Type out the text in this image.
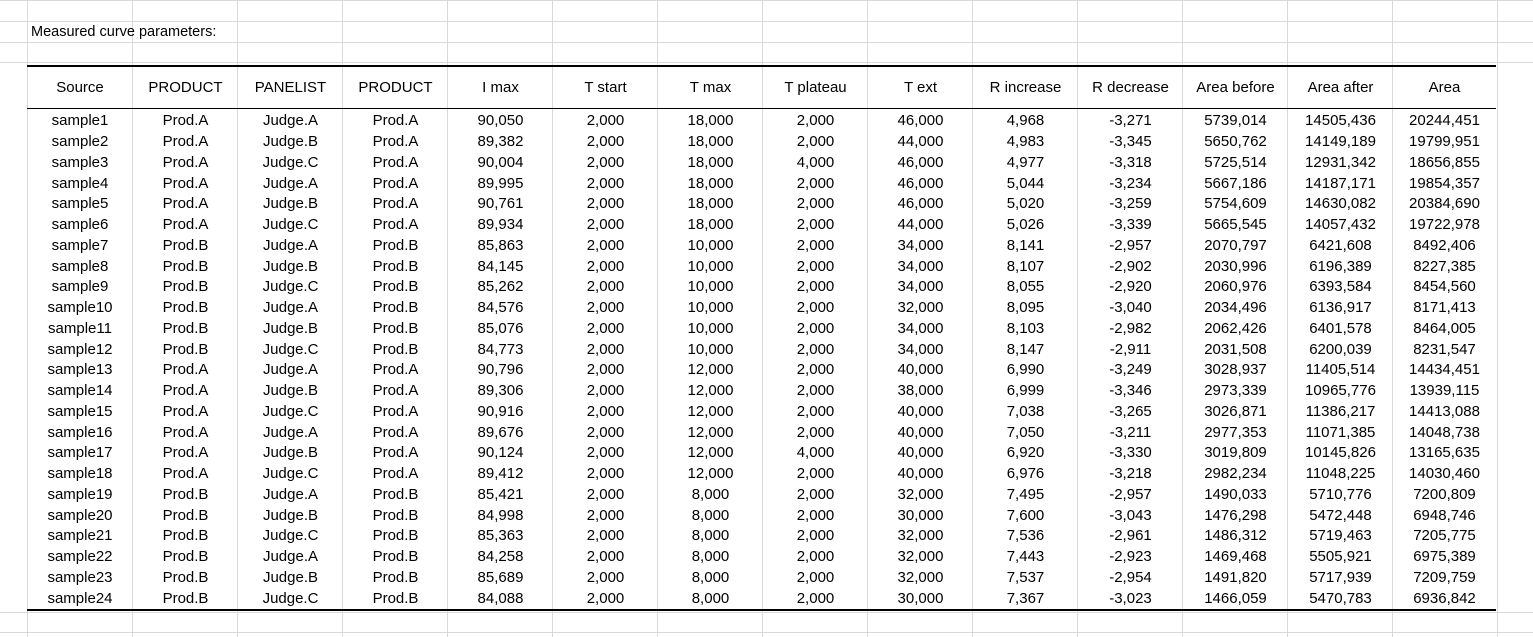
Measured curve parameters:
Source	PRODUCT	PANELIST	PRODUCT	I max	T start	T max	T plateau	T ext	R increase	R decrease	Area before	Area after	Area
sample1	Prod.A	Judge.A	Prod.A	90,050	2,000	18,000	2,000	46,000	4,968	-3,271	5739,014	14505,436	20244,451
sample2	Prod.A	Judge.B	Prod.A	89,382	2,000	18,000	2,000	44,000	4,983	-3,345	5650,762	14149,189	19799,951
sample3	Prod.A	Judge.C	Prod.A	90,004	2,000	18,000	4,000	46,000	4,977	-3,318	5725,514	12931,342	18656,855
sample4	Prod.A	Judge.A	Prod.A	89,995	2,000	18,000	2,000	46,000	5,044	-3,234	5667,186	14187,171	19854,357
sample5	Prod.A	Judge.B	Prod.A	90,761	2,000	18,000	2,000	46,000	5,020	-3,259	5754,609	14630,082	20384,690
sample6	Prod.A	Judge.C	Prod.A	89,934	2,000	18,000	2,000	44,000	5,026	-3,339	5665,545	14057,432	19722,978
sample7	Prod.B	Judge.A	Prod.B	85,863	2,000	10,000	2,000	34,000	8,141	-2,957	2070,797	6421,608	8492,406
sample8	Prod.B	Judge.B	Prod.B	84,145	2,000	10,000	2,000	34,000	8,107	-2,902	2030,996	6196,389	8227,385
sample9	Prod.B	Judge.C	Prod.B	85,262	2,000	10,000	2,000	34,000	8,055	-2,920	2060,976	6393,584	8454,560
sample10	Prod.B	Judge.A	Prod.B	84,576	2,000	10,000	2,000	32,000	8,095	-3,040	2034,496	6136,917	8171,413
sample11	Prod.B	Judge.B	Prod.B	85,076	2,000	10,000	2,000	34,000	8,103	-2,982	2062,426	6401,578	8464,005
sample12	Prod.B	Judge.C	Prod.B	84,773	2,000	10,000	2,000	34,000	8,147	-2,911	2031,508	6200,039	8231,547
sample13	Prod.A	Judge.A	Prod.A	90,796	2,000	12,000	2,000	40,000	6,990	-3,249	3028,937	11405,514	14434,451
sample14	Prod.A	Judge.B	Prod.A	89,306	2,000	12,000	2,000	38,000	6,999	-3,346	2973,339	10965,776	13939,115
sample15	Prod.A	Judge.C	Prod.A	90,916	2,000	12,000	2,000	40,000	7,038	-3,265	3026,871	11386,217	14413,088
sample16	Prod.A	Judge.A	Prod.A	89,676	2,000	12,000	2,000	40,000	7,050	-3,211	2977,353	11071,385	14048,738
sample17	Prod.A	Judge.B	Prod.A	90,124	2,000	12,000	4,000	40,000	6,920	-3,330	3019,809	10145,826	13165,635
sample18	Prod.A	Judge.C	Prod.A	89,412	2,000	12,000	2,000	40,000	6,976	-3,218	2982,234	11048,225	14030,460
sample19	Prod.B	Judge.A	Prod.B	85,421	2,000	8,000	2,000	32,000	7,495	-2,957	1490,033	5710,776	7200,809
sample20	Prod.B	Judge.B	Prod.B	84,998	2,000	8,000	2,000	30,000	7,600	-3,043	1476,298	5472,448	6948,746
sample21	Prod.B	Judge.C	Prod.B	85,363	2,000	8,000	2,000	32,000	7,536	-2,961	1486,312	5719,463	7205,775
sample22	Prod.B	Judge.A	Prod.B	84,258	2,000	8,000	2,000	32,000	7,443	-2,923	1469,468	5505,921	6975,389
sample23	Prod.B	Judge.B	Prod.B	85,689	2,000	8,000	2,000	32,000	7,537	-2,954	1491,820	5717,939	7209,759
sample24	Prod.B	Judge.C	Prod.B	84,088	2,000	8,000	2,000	30,000	7,367	-3,023	1466,059	5470,783	6936,842
